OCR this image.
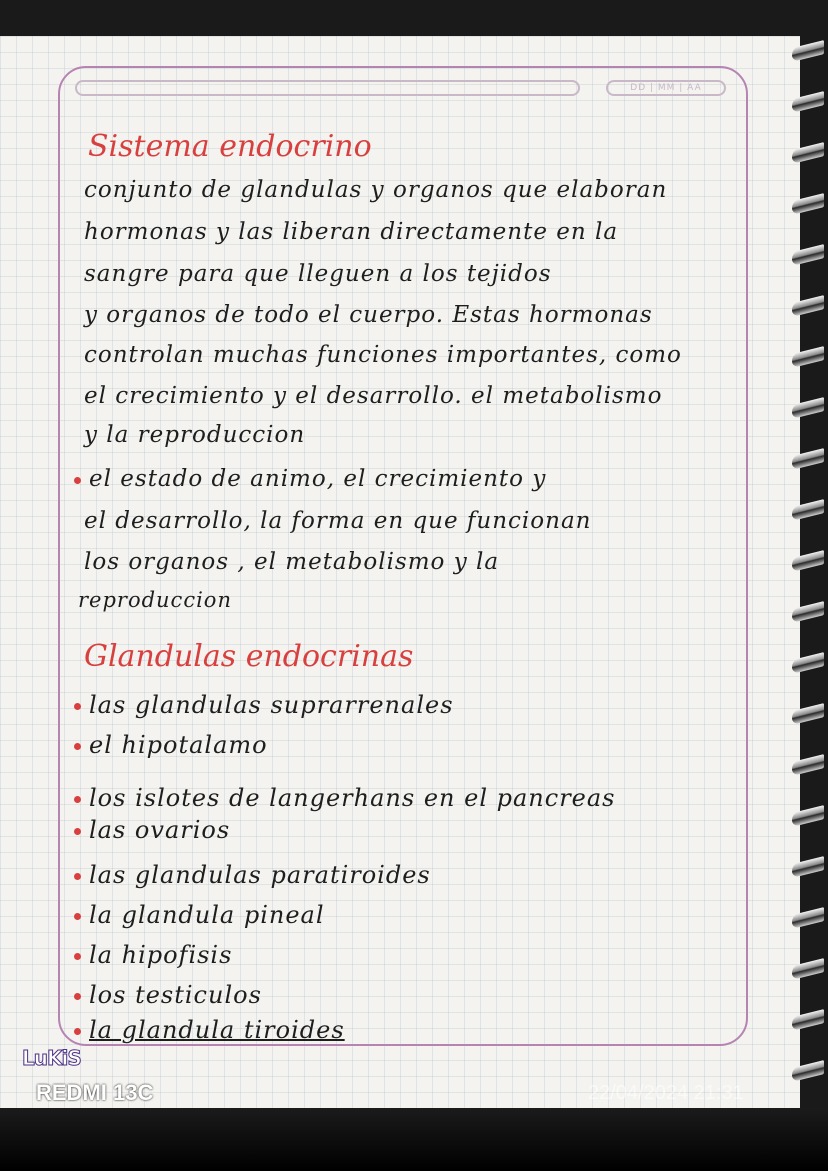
DD | MM | AA
Sistema endocrino
conjunto de glandulas y organos que elaboran
hormonas y las liberan directamente en la
sangre para que lleguen a los tejidos
y organos de todo el cuerpo. Estas hormonas
controlan muchas funciones importantes, como
el crecimiento y el desarrollo. el metabolismo
y la reproduccion
el estado de animo, el crecimiento y
el desarrollo, la forma en que funcionan
los organos , el metabolismo y la
reproduccion
Glandulas endocrinas
las glandulas suprarrenales
el hipotalamo
los islotes de langerhans en el pancreas
las ovarios
las glandulas paratiroides
la glandula pineal
la hipofisis
los testiculos
la glandula tiroides
LuKiS
REDMI 13C	22/04/2024 21:31
